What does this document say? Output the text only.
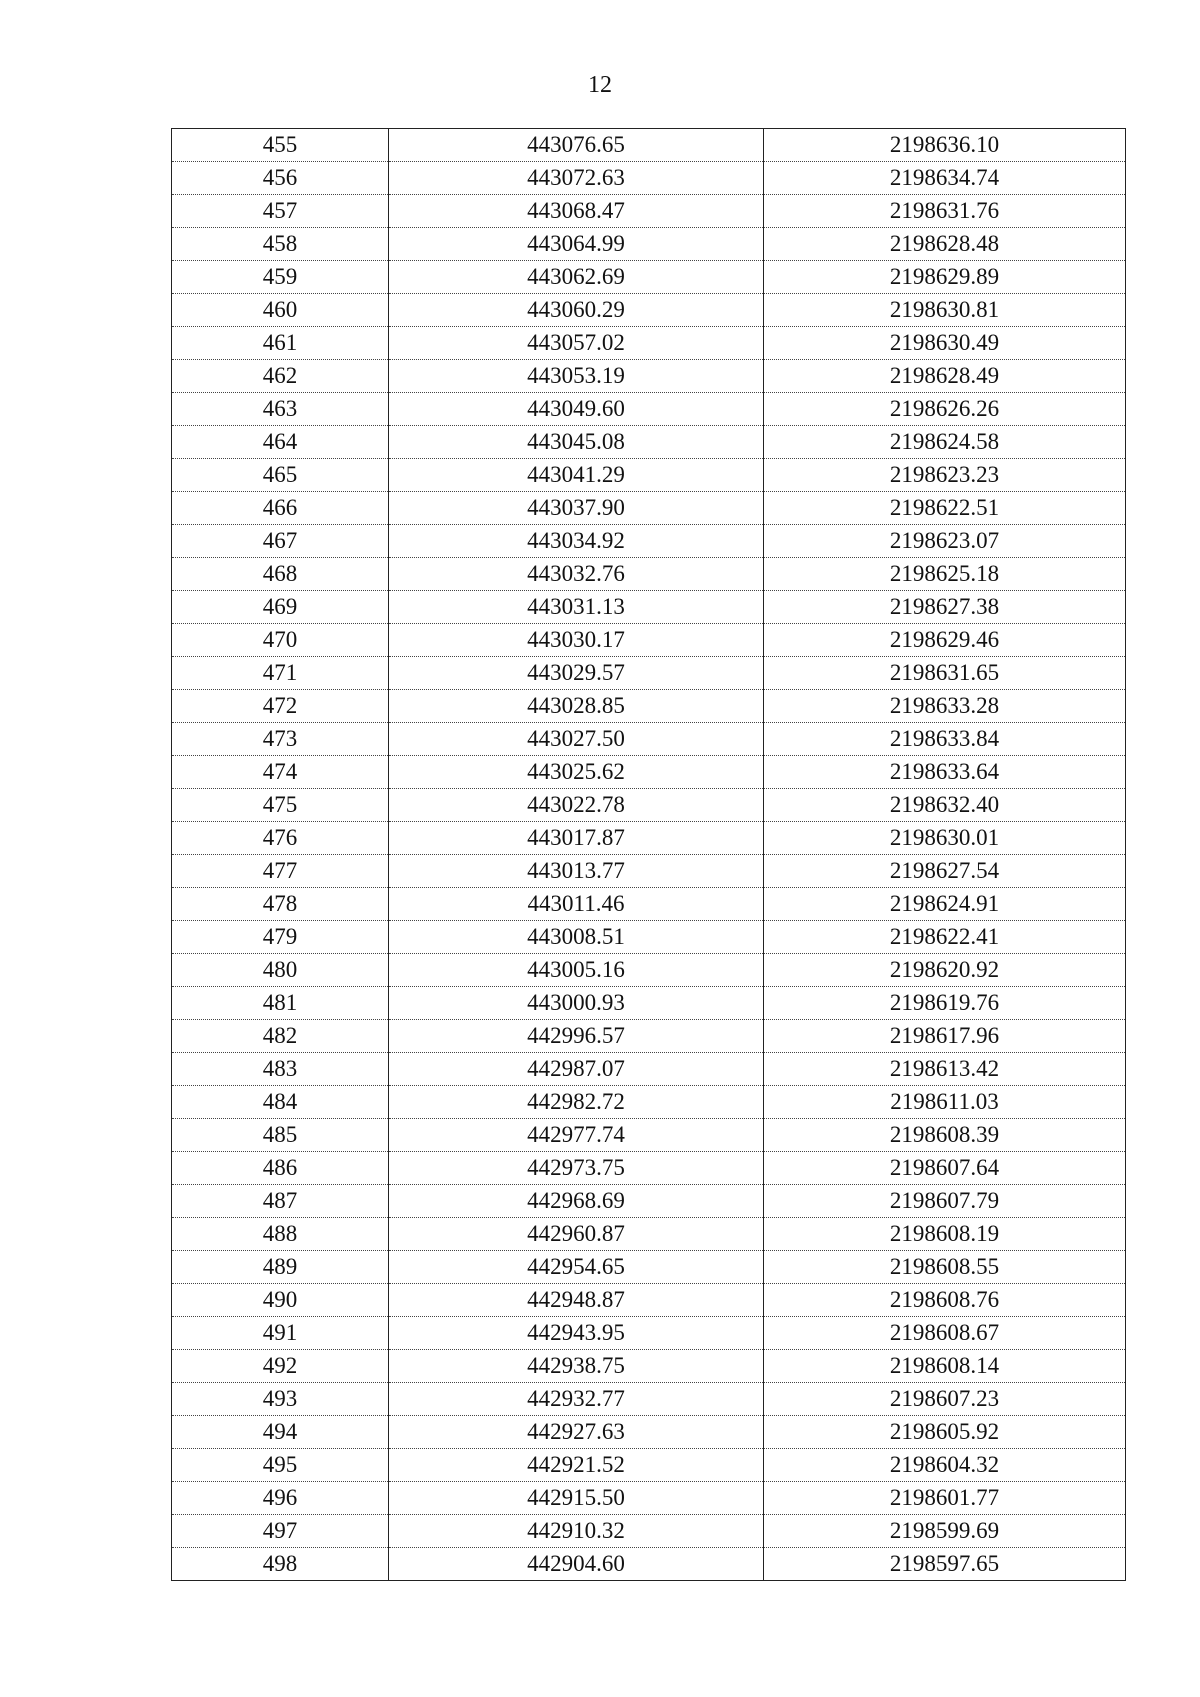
12
455	443076.65	2198636.10
456	443072.63	2198634.74
457	443068.47	2198631.76
458	443064.99	2198628.48
459	443062.69	2198629.89
460	443060.29	2198630.81
461	443057.02	2198630.49
462	443053.19	2198628.49
463	443049.60	2198626.26
464	443045.08	2198624.58
465	443041.29	2198623.23
466	443037.90	2198622.51
467	443034.92	2198623.07
468	443032.76	2198625.18
469	443031.13	2198627.38
470	443030.17	2198629.46
471	443029.57	2198631.65
472	443028.85	2198633.28
473	443027.50	2198633.84
474	443025.62	2198633.64
475	443022.78	2198632.40
476	443017.87	2198630.01
477	443013.77	2198627.54
478	443011.46	2198624.91
479	443008.51	2198622.41
480	443005.16	2198620.92
481	443000.93	2198619.76
482	442996.57	2198617.96
483	442987.07	2198613.42
484	442982.72	2198611.03
485	442977.74	2198608.39
486	442973.75	2198607.64
487	442968.69	2198607.79
488	442960.87	2198608.19
489	442954.65	2198608.55
490	442948.87	2198608.76
491	442943.95	2198608.67
492	442938.75	2198608.14
493	442932.77	2198607.23
494	442927.63	2198605.92
495	442921.52	2198604.32
496	442915.50	2198601.77
497	442910.32	2198599.69
498	442904.60	2198597.65
